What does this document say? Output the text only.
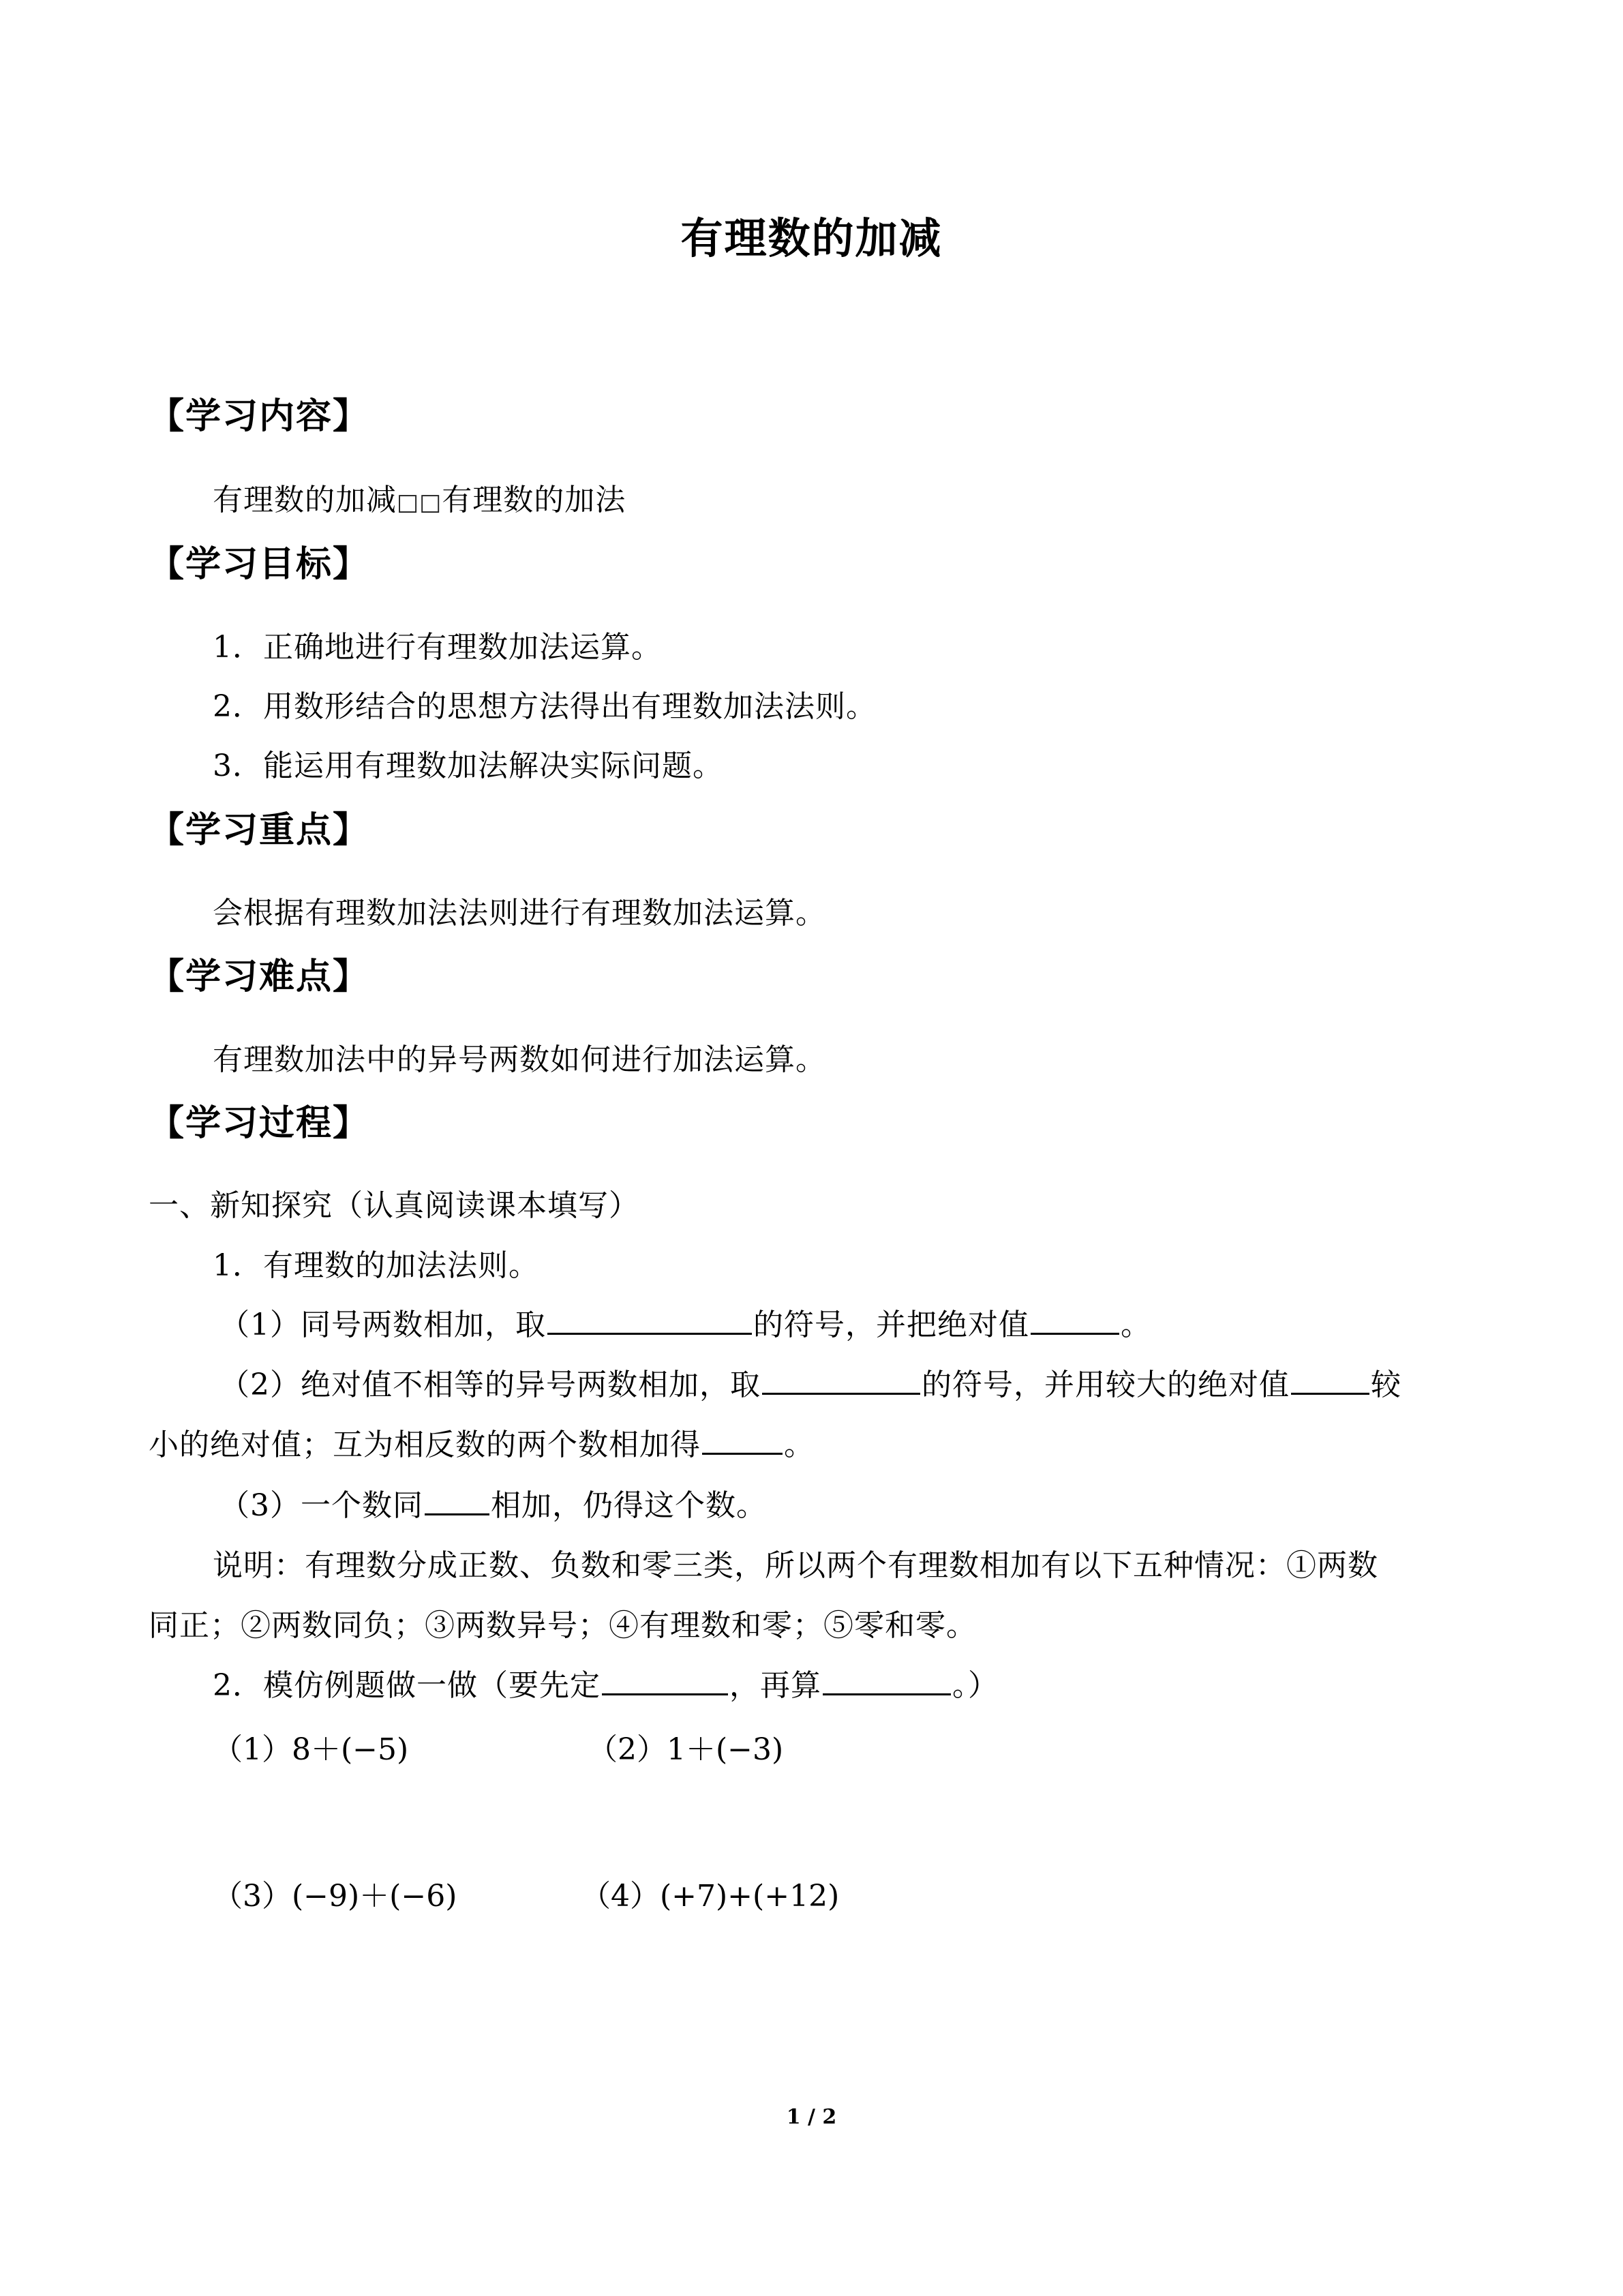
有理数的加减
【学习内容】
有理数的加减□□有理数的加法
【学习目标】
1．正确地进行有理数加法运算。
2．用数形结合的思想方法得出有理数加法法则。
3．能运用有理数加法解决实际问题。
【学习重点】
会根据有理数加法法则进行有理数加法运算。
【学习难点】
有理数加法中的异号两数如何进行加法运算。
【学习过程】
一、新知探究（认真阅读课本填写）
1．有理数的加法法则。
（1）同号两数相加，取	的符号，并把绝对值	。
（2）绝对值不相等的异号两数相加，取	的符号，并用较大的绝对值	较
小的绝对值；互为相反数的两个数相加得	。
（3）一个数同 相加，仍得这个数。
说明：有理数分成正数、负数和零三类，所以两个有理数相加有以下五种情况：①两数
同正；②两数同负；③两数异号；④有理数和零；⑤零和零。
2．模仿例题做一做（要先定	，再算	。）
（1）8＋(−5)	（2）1＋(−3)
（3）(−9)＋(−6)	（4）(+7)+(+12)
1 / 2
